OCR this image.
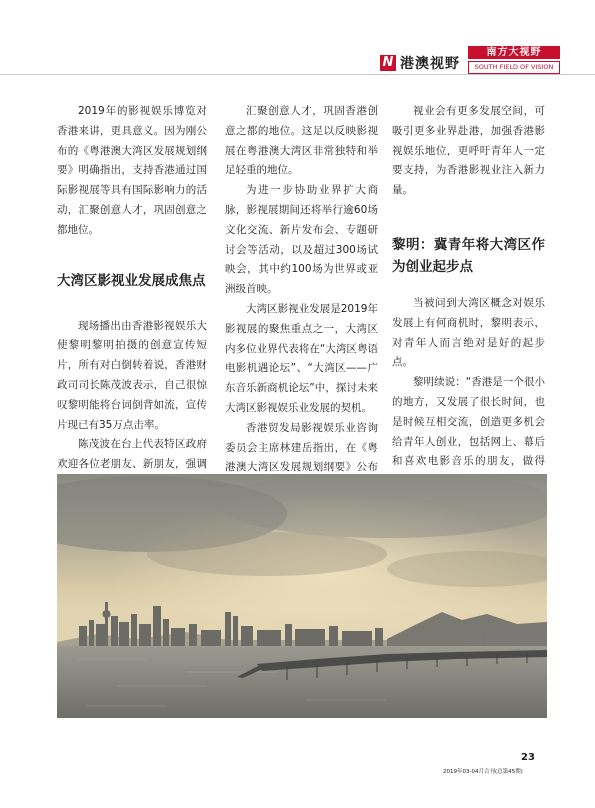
N 港澳视野
南方大视野
SOUTH FIELD OF VISION

2019年的影视娱乐博览对香港来讲，更具意义。因为刚公布的《粤港澳大湾区发展规划纲要》明确指出，支持香港通过国际影视展等具有国际影响力的活动，汇聚创意人才，巩固创意之都地位。

大湾区影视业发展成焦点

现场播出由香港影视娱乐大使黎明黎明拍摄的创意宣传短片，所有对白倒转着说，香港财政司司长陈茂波表示，自己很惊叹黎明能将台词倒背如流，宣传片现已有35万点击率。

陈茂波在台上代表特区政府欢迎各位老朋友、新朋友，强调

汇聚创意人才，巩固香港创意之都的地位。这足以反映影视展在粤港澳大湾区非常独特和举足轻重的地位。

为进一步协助业界扩大商脉，影视展期间还将举行逾60场文化交流、新片发布会、专题研讨会等活动，以及超过300场试映会，其中约100场为世界或亚洲级首映。

大湾区影视业发展是2019年影视展的聚焦重点之一，大湾区内多位业界代表将在“大湾区粤语电影机遇论坛”、“大湾区——广东音乐新商机论坛”中，探讨未来大湾区影视娱乐业发展的契机。

香港贸发局影视娱乐业咨询委员会主席林建岳指出，在《粤港澳大湾区发展规划纲要》公布

视业会有更多发展空间，可吸引更多业界赴港，加强香港影视娱乐地位，更呼吁青年人一定要支持，为香港影视业注入新力量。

黎明：冀青年将大湾区作为创业起步点

当被问到大湾区概念对娱乐发展上有何商机时，黎明表示，对青年人而言绝对是好的起步点。

黎明续说：“香港是一个很小的地方，又发展了很长时间，也是时候互相交流，创造更多机会给青年人创业，包括网上、幕后和喜欢电影音乐的朋友，做得

23
2019年03-04月合刊(总第45期)
